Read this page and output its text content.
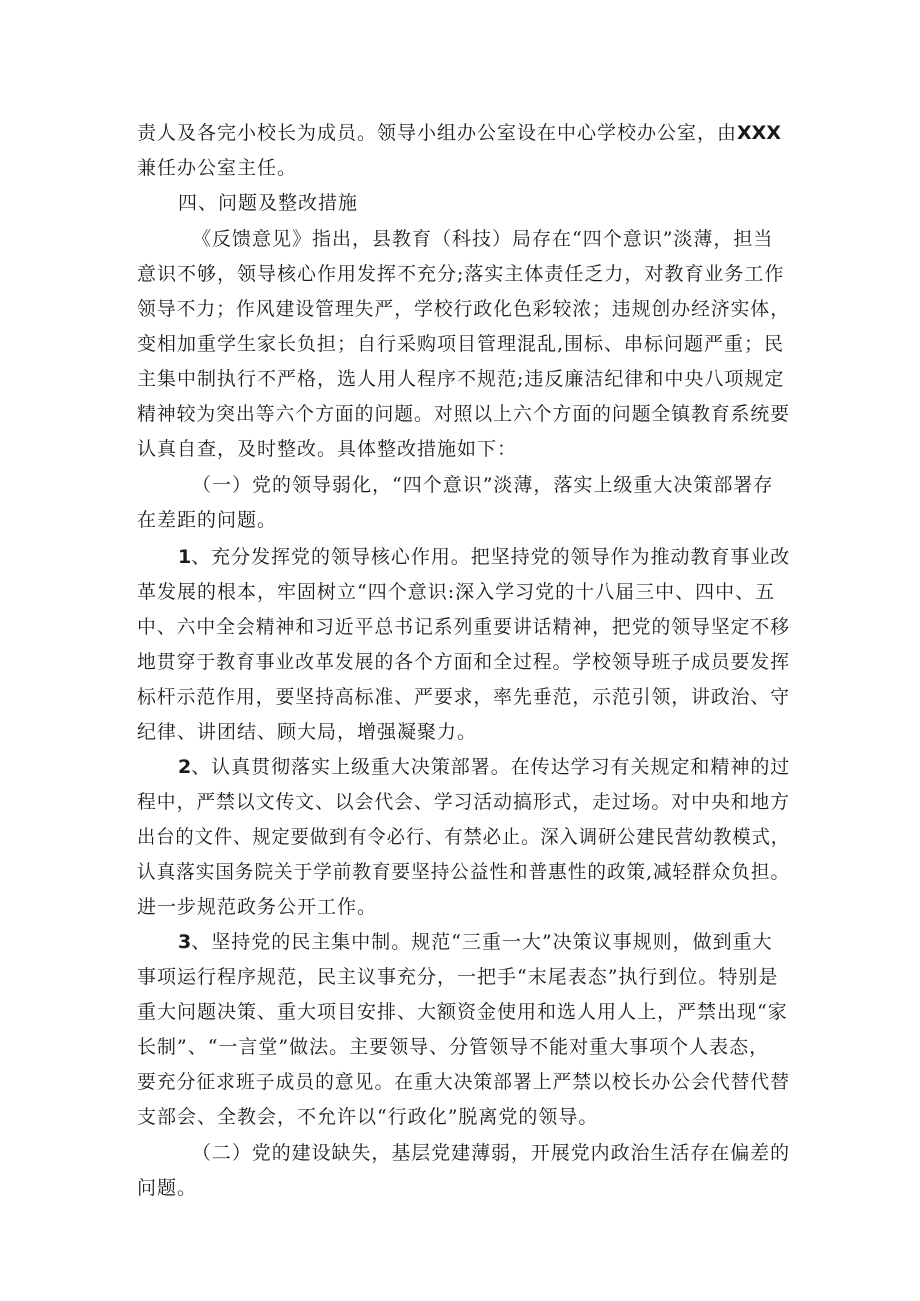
责人及各完小校长为成员。领导小组办公室设在中心学校办公室，由XXX
兼任办公室主任。
四、问题及整改措施
《反馈意见》指出，县教育（科技）局存在“四个意识”淡薄，担当
意识不够，领导核心作用发挥不充分;落实主体责任乏力，对教育业务工作
领导不力；作风建设管理失严，学校行政化色彩较浓；违规创办经济实体，
变相加重学生家长负担；自行采购项目管理混乱,围标、串标问题严重；民
主集中制执行不严格，选人用人程序不规范;违反廉洁纪律和中央八项规定
精神较为突出等六个方面的问题。对照以上六个方面的问题全镇教育系统要
认真自查，及时整改。具体整改措施如下：
（一）党的领导弱化，“四个意识”淡薄，落实上级重大决策部署存
在差距的问题。
1、充分发挥党的领导核心作用。把坚持党的领导作为推动教育事业改
革发展的根本，牢固树立“四个意识:深入学习党的十八届三中、四中、五
中、六中全会精神和习近平总书记系列重要讲话精神，把党的领导坚定不移
地贯穿于教育事业改革发展的各个方面和全过程。学校领导班子成员要发挥
标杆示范作用，要坚持高标准、严要求，率先垂范，示范引领，讲政治、守
纪律、讲团结、顾大局，增强凝聚力。
2、认真贯彻落实上级重大决策部署。在传达学习有关规定和精神的过
程中，严禁以文传文、以会代会、学习活动搞形式，走过场。对中央和地方
出台的文件、规定要做到有令必行、有禁必止。深入调研公建民营幼教模式，
认真落实国务院关于学前教育要坚持公益性和普惠性的政策,减轻群众负担。
进一步规范政务公开工作。
3、坚持党的民主集中制。规范“三重一大”决策议事规则，做到重大
事项运行程序规范，民主议事充分，一把手“末尾表态”执行到位。特别是
重大问题决策、重大项目安排、大额资金使用和选人用人上，严禁出现“家
长制”、“一言堂”做法。主要领导、分管领导不能对重大事项个人表态，
要充分征求班子成员的意见。在重大决策部署上严禁以校长办公会代替代替
支部会、全教会，不允许以“行政化”脱离党的领导。
（二）党的建设缺失，基层党建薄弱，开展党内政治生活存在偏差的
问题。
